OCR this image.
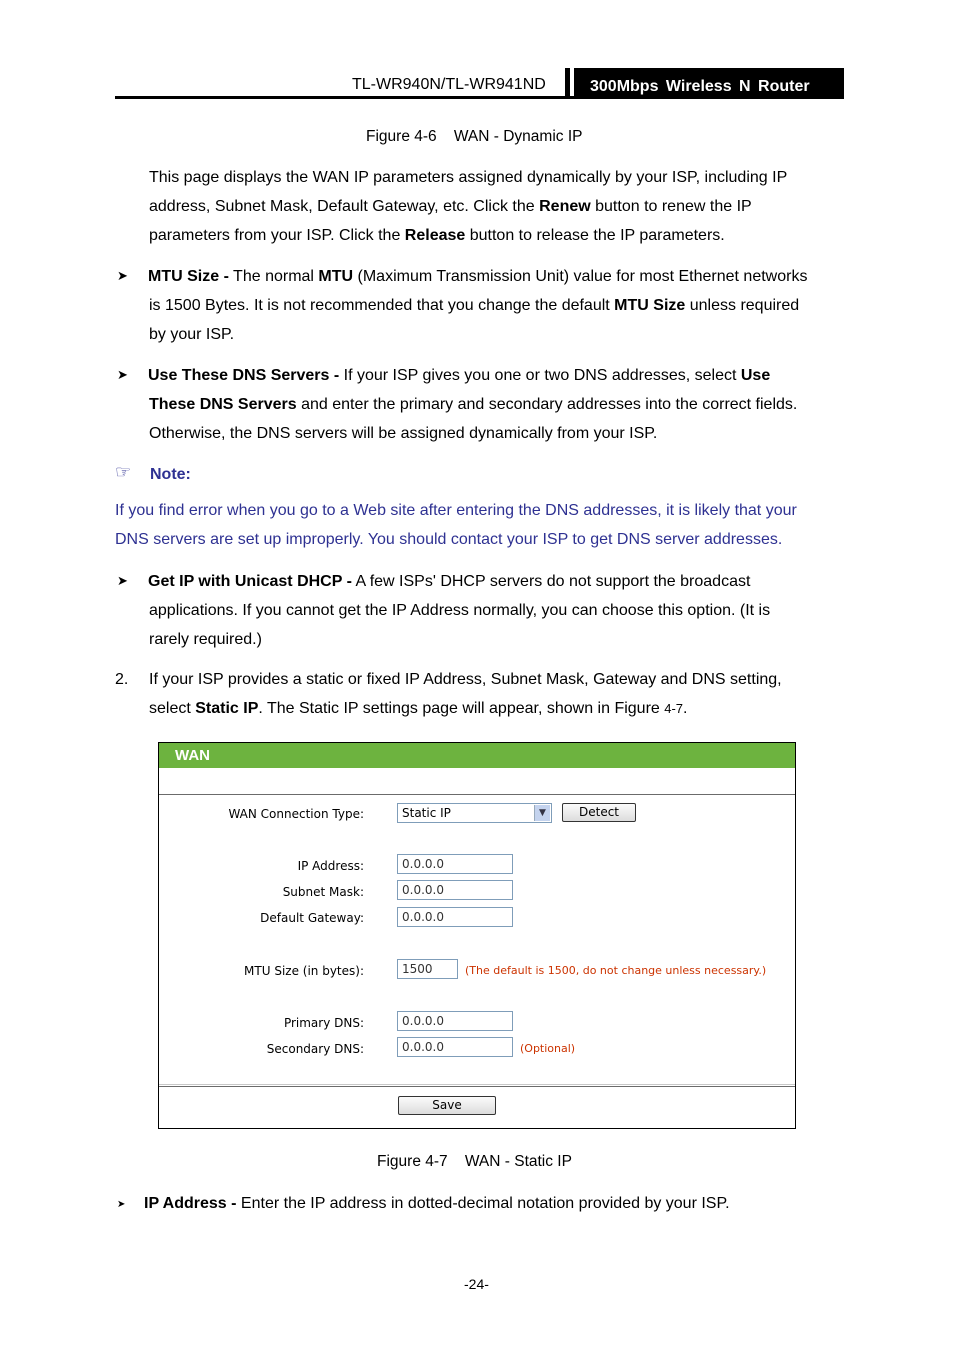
TL-WR940N/TL-WR941ND	300Mbps Wireless N Router
Figure 4-6    WAN - Dynamic IP
This page displays the WAN IP parameters assigned dynamically by your ISP, including IP
address, Subnet Mask, Default Gateway, etc. Click the Renew button to renew the IP
parameters from your ISP. Click the Release button to release the IP parameters.
➤ MTU Size - The normal MTU (Maximum Transmission Unit) value for most Ethernet networks
is 1500 Bytes. It is not recommended that you change the default MTU Size unless required
by your ISP.
➤ Use These DNS Servers - If your ISP gives you one or two DNS addresses, select Use
These DNS Servers and enter the primary and secondary addresses into the correct fields.
Otherwise, the DNS servers will be assigned dynamically from your ISP.
☞ Note:
If you find error when you go to a Web site after entering the DNS addresses, it is likely that your
DNS servers are set up improperly. You should contact your ISP to get DNS server addresses.
➤ Get IP with Unicast DHCP - A few ISPs' DHCP servers do not support the broadcast
applications. If you cannot get the IP Address normally, you can choose this option. (It is
rarely required.)
2. If your ISP provides a static or fixed IP Address, Subnet Mask, Gateway and DNS setting,
select Static IP. The Static IP settings page will appear, shown in Figure 4-7.
WAN
WAN Connection Type:	Static IP	▼	Detect
IP Address:	0.0.0.0
Subnet Mask:	0.0.0.0
Default Gateway:	0.0.0.0
MTU Size (in bytes):	1500	(The default is 1500, do not change unless necessary.)
Primary DNS:	0.0.0.0
Secondary DNS:	0.0.0.0	(Optional)
Save
Figure 4-7    WAN - Static IP
➤ IP Address - Enter the IP address in dotted-decimal notation provided by your ISP.
-24-
